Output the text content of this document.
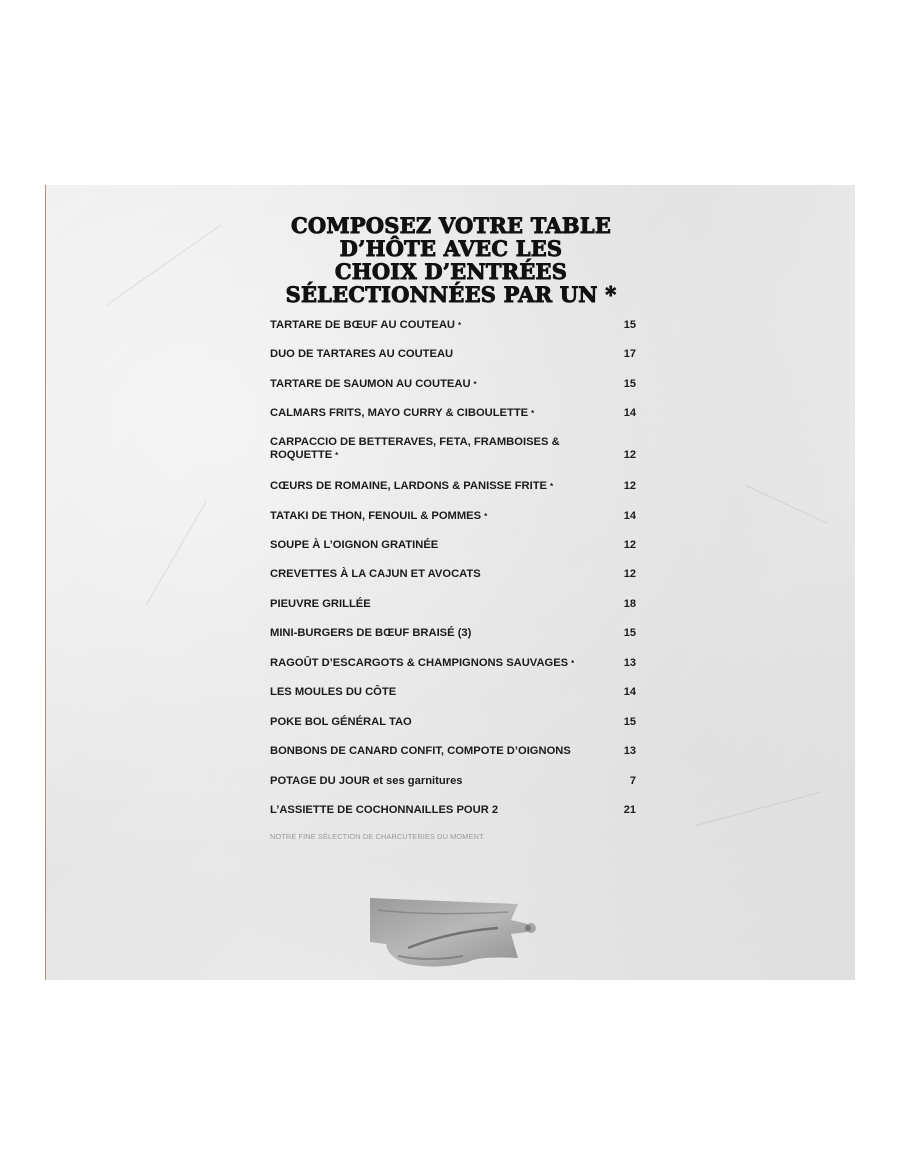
COMPOSEZ VOTRE TABLE
D’HÔTE AVEC LES
CHOIX D’ENTRÉES
SÉLECTIONNÉES PAR UN *
TARTARE DE BŒUF AU COUTEAU *	15
DUO DE TARTARES AU COUTEAU	17
TARTARE DE SAUMON AU COUTEAU *	15
CALMARS FRITS, MAYO CURRY & CIBOULETTE *	14
CARPACCIO DE BETTERAVES, FETA, FRAMBOISES & ROQUETTE *	12
CŒURS DE ROMAINE, LARDONS & PANISSE FRITE *	12
TATAKI DE THON, FENOUIL & POMMES *	14
SOUPE À L’OIGNON GRATINÉE	12
CREVETTES À LA CAJUN ET AVOCATS	12
PIEUVRE GRILLÉE	18
MINI-BURGERS DE BŒUF BRAISÉ (3)	15
RAGOÛT D’ESCARGOTS & CHAMPIGNONS SAUVAGES *	13
LES MOULES DU CÔTE	14
POKE BOL GÉNÉRAL TAO	15
BONBONS DE CANARD CONFIT, COMPOTE D’OIGNONS	13
POTAGE DU JOUR et ses garnitures	7
L’ASSIETTE DE COCHONNAILLES POUR 2	21
NOTRE FINE SÉLECTION DE CHARCUTERIES DU MOMENT.
